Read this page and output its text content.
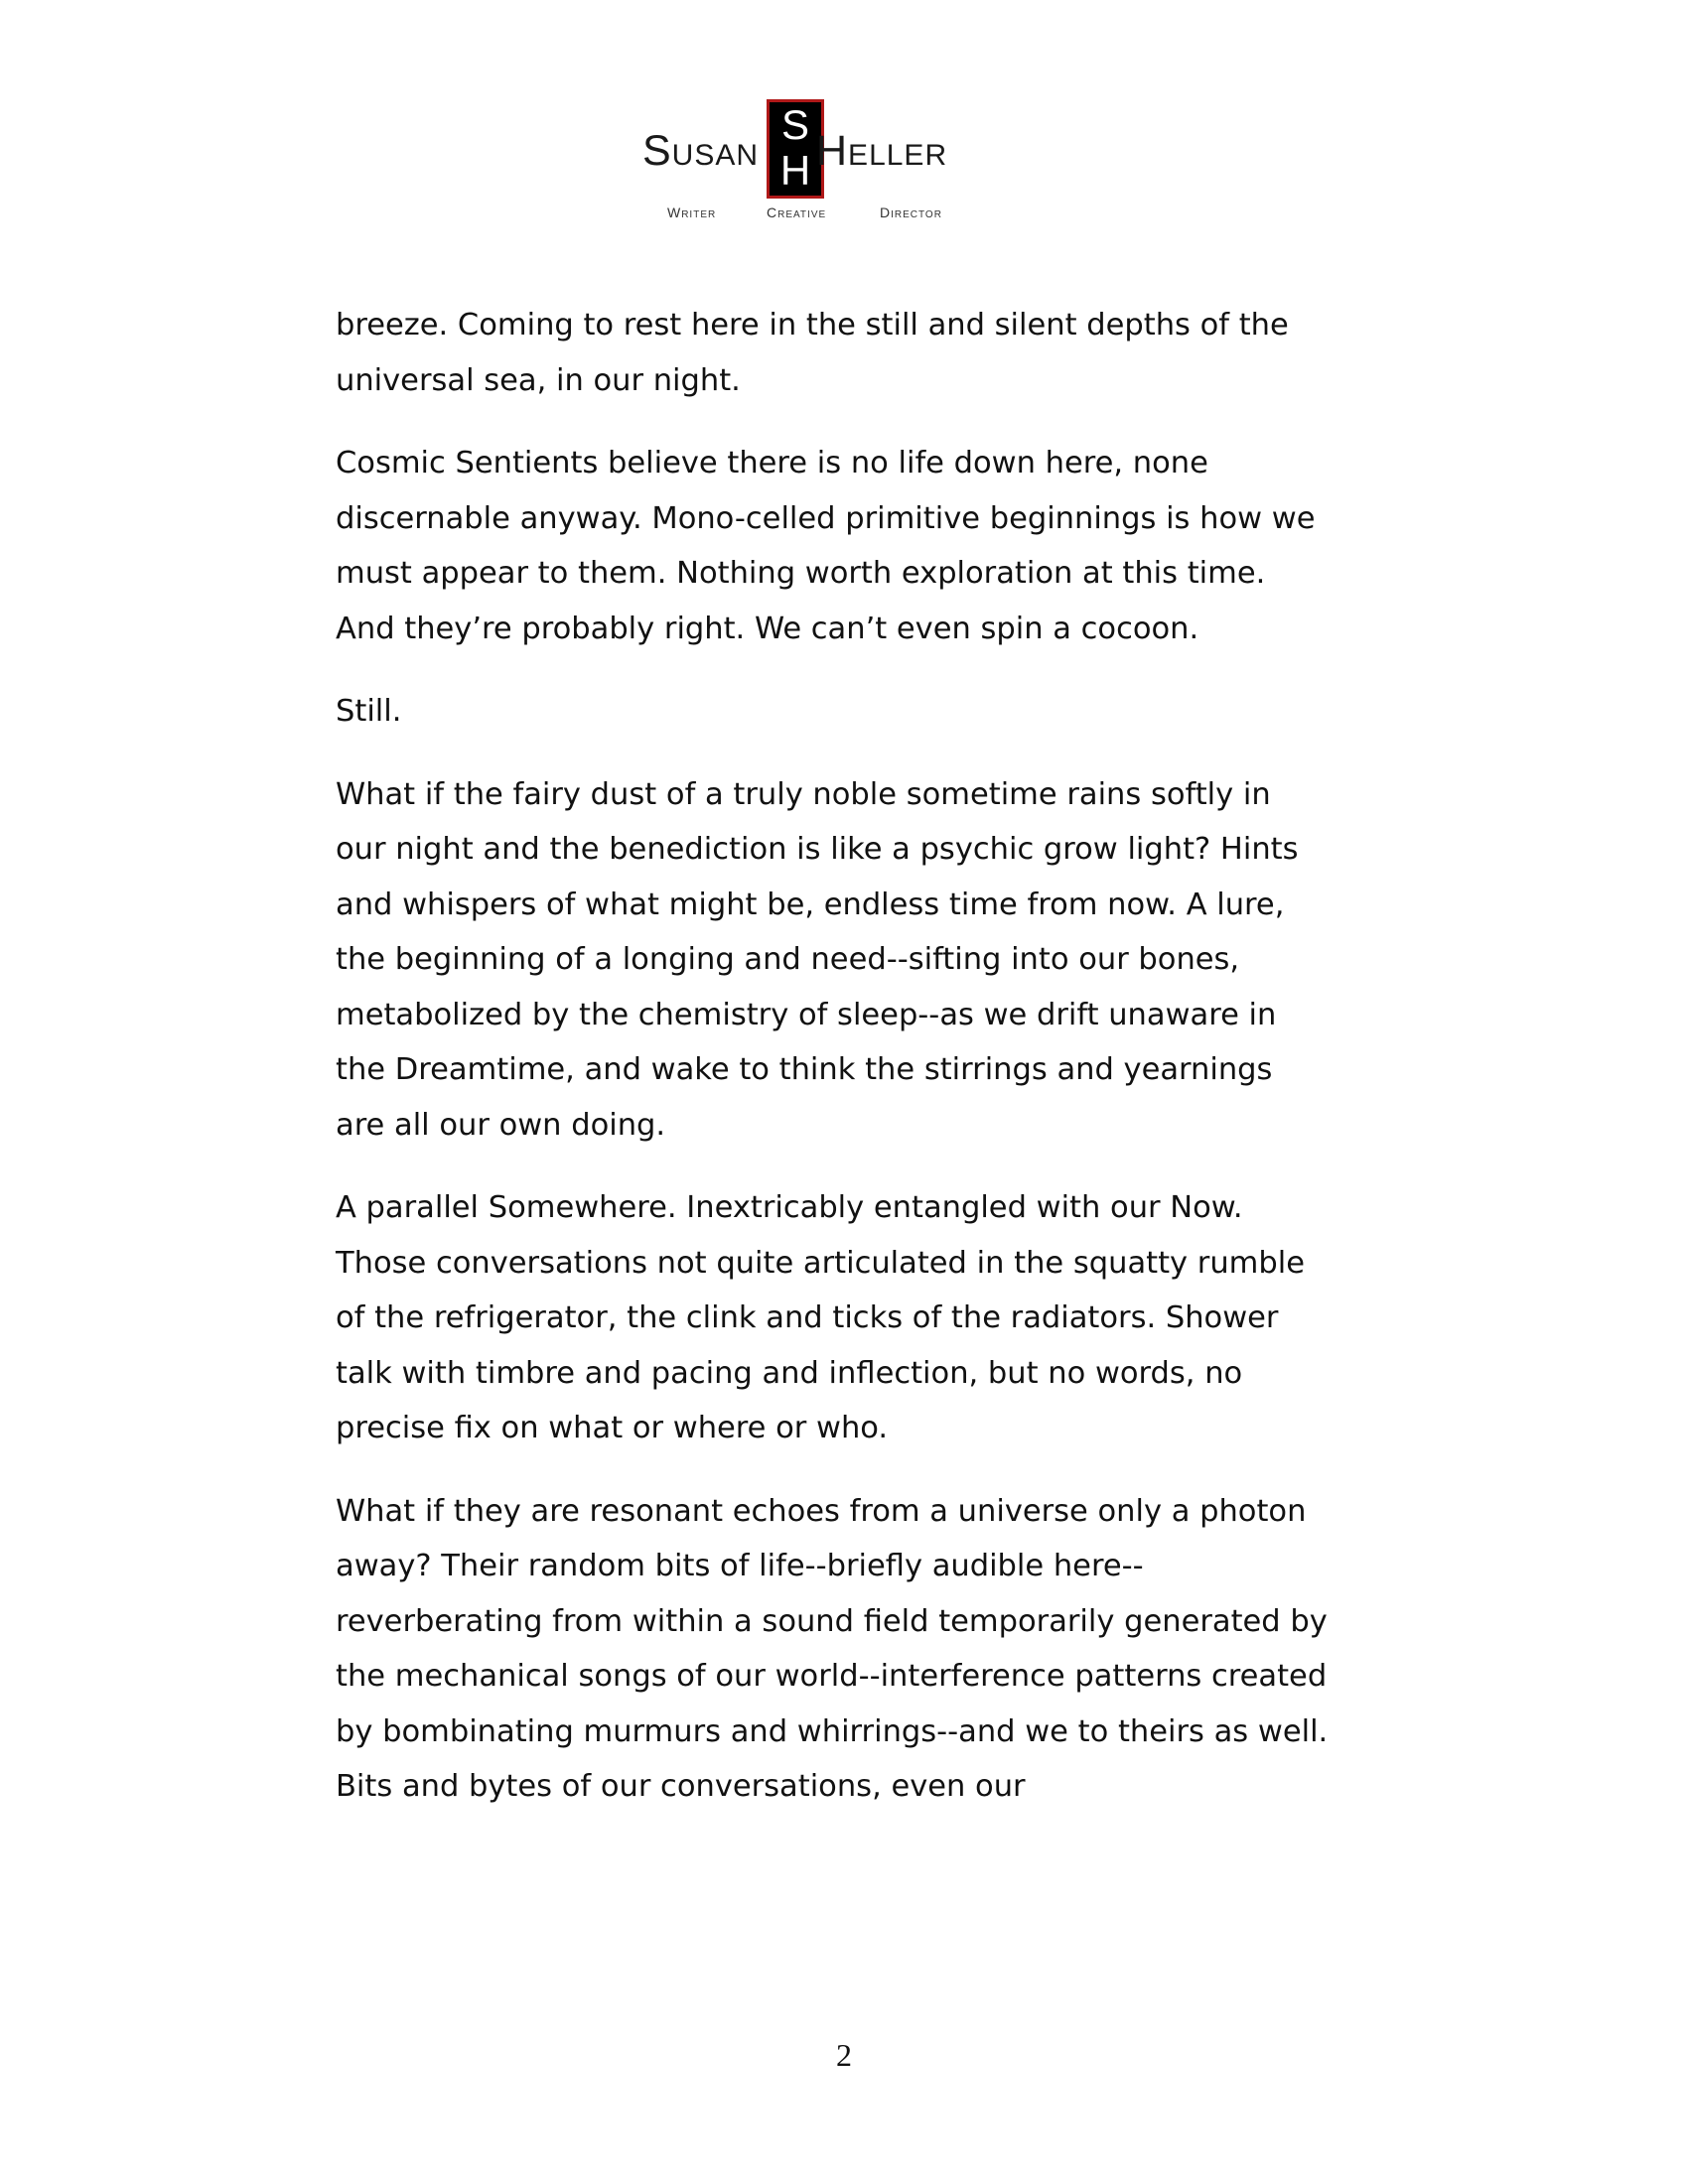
Susan
S
H Heller
Writer	Creative	Director

breeze. Coming to rest here in the still and silent depths of the universal sea, in our night.

Cosmic Sentients believe there is no life down here, none discernable anyway. Mono-celled primitive beginnings is how we must appear to them. Nothing worth exploration at this time. And they’re probably right. We can’t even spin a cocoon.

Still.

What if the fairy dust of a truly noble sometime rains softly in our night and the benediction is like a psychic grow light? Hints and whispers of what might be, endless time from now. A lure, the beginning of a longing and need--sifting into our bones, metabolized by the chemistry of sleep--as we drift unaware in the Dreamtime, and wake to think the stirrings and yearnings are all our own doing.

A parallel Somewhere. Inextricably entangled with our Now. Those conversations not quite articulated in the squatty rumble of the refrigerator, the clink and ticks of the radiators. Shower talk with timbre and pacing and inflection, but no words, no precise fix on what or where or who.

What if they are resonant echoes from a universe only a photon away? Their random bits of life--briefly audible here--reverberating from within a sound field temporarily generated by the mechanical songs of our world--interference patterns created by bombinating murmurs and whirrings--and we to theirs as well. Bits and bytes of our conversations, even our

2
